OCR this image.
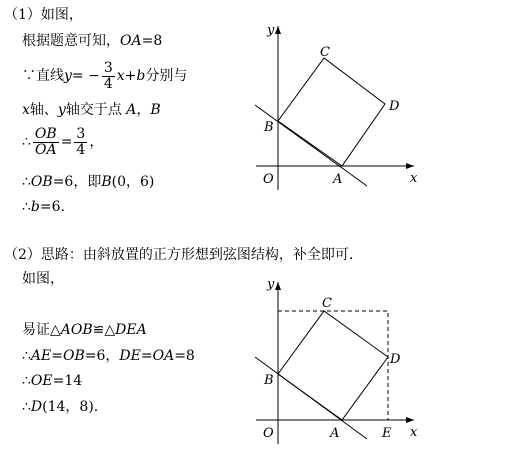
（1）如图，
根据题意可知，OA=8
∵直线$y= - \frac{3}{4} x+b$分别与
x轴、y轴交于点 A，B
∴ $\frac{OB}{OA} = \frac{3}{4}$ ，
∴OB=6，即B(0，6)
∴b=6.
y
x
O	A
B
C
D
（2）思路：由斜放置的正方形想到弦图结构，补全即可.
如图，
易证△AOB≌△DEA
∴AE=OB=6，DE=OA=8
∴OE=14
∴D(14，8).
y
x
O	A	E
B
C
D
